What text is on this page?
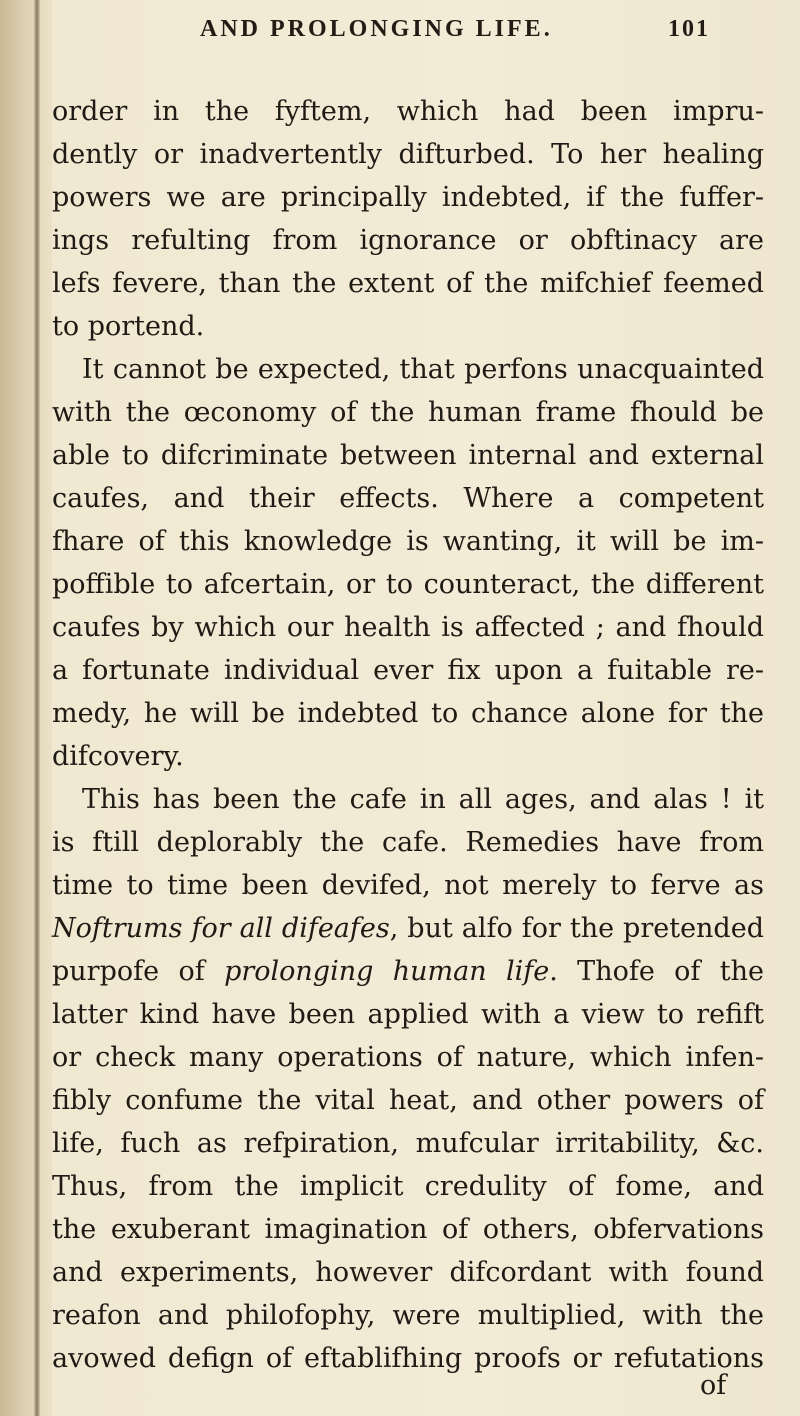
AND PROLONGING LIFE.	101
order in the fyftem, which had been impru-
dently or inadvertently difturbed. To her healing
powers we are principally indebted, if the fuffer-
ings refulting from ignorance or obftinacy are
lefs fevere, than the extent of the mifchief feemed
to portend.
It cannot be expected, that perfons unacquainted
with the œconomy of the human frame fhould be
able to difcriminate between internal and external
caufes, and their effects. Where a competent
fhare of this knowledge is wanting, it will be im-
poffible to afcertain, or to counteract, the different
caufes by which our health is affected ; and fhould
a fortunate individual ever fix upon a fuitable re-
medy, he will be indebted to chance alone for the
difcovery.
This has been the cafe in all ages, and alas ! it
is ftill deplorably the cafe. Remedies have from
time to time been devifed, not merely to ferve as
Noftrums for all difeafes, but alfo for the pretended
purpofe of prolonging human life. Thofe of the
latter kind have been applied with a view to refift
or check many operations of nature, which infen-
fibly confume the vital heat, and other powers of
life, fuch as refpiration, mufcular irritability, &c.
Thus, from the implicit credulity of fome, and
the exuberant imagination of others, obfervations
and experiments, however difcordant with found
reafon and philofophy, were multiplied, with the
avowed defign of eftablifhing proofs or refutations
of
